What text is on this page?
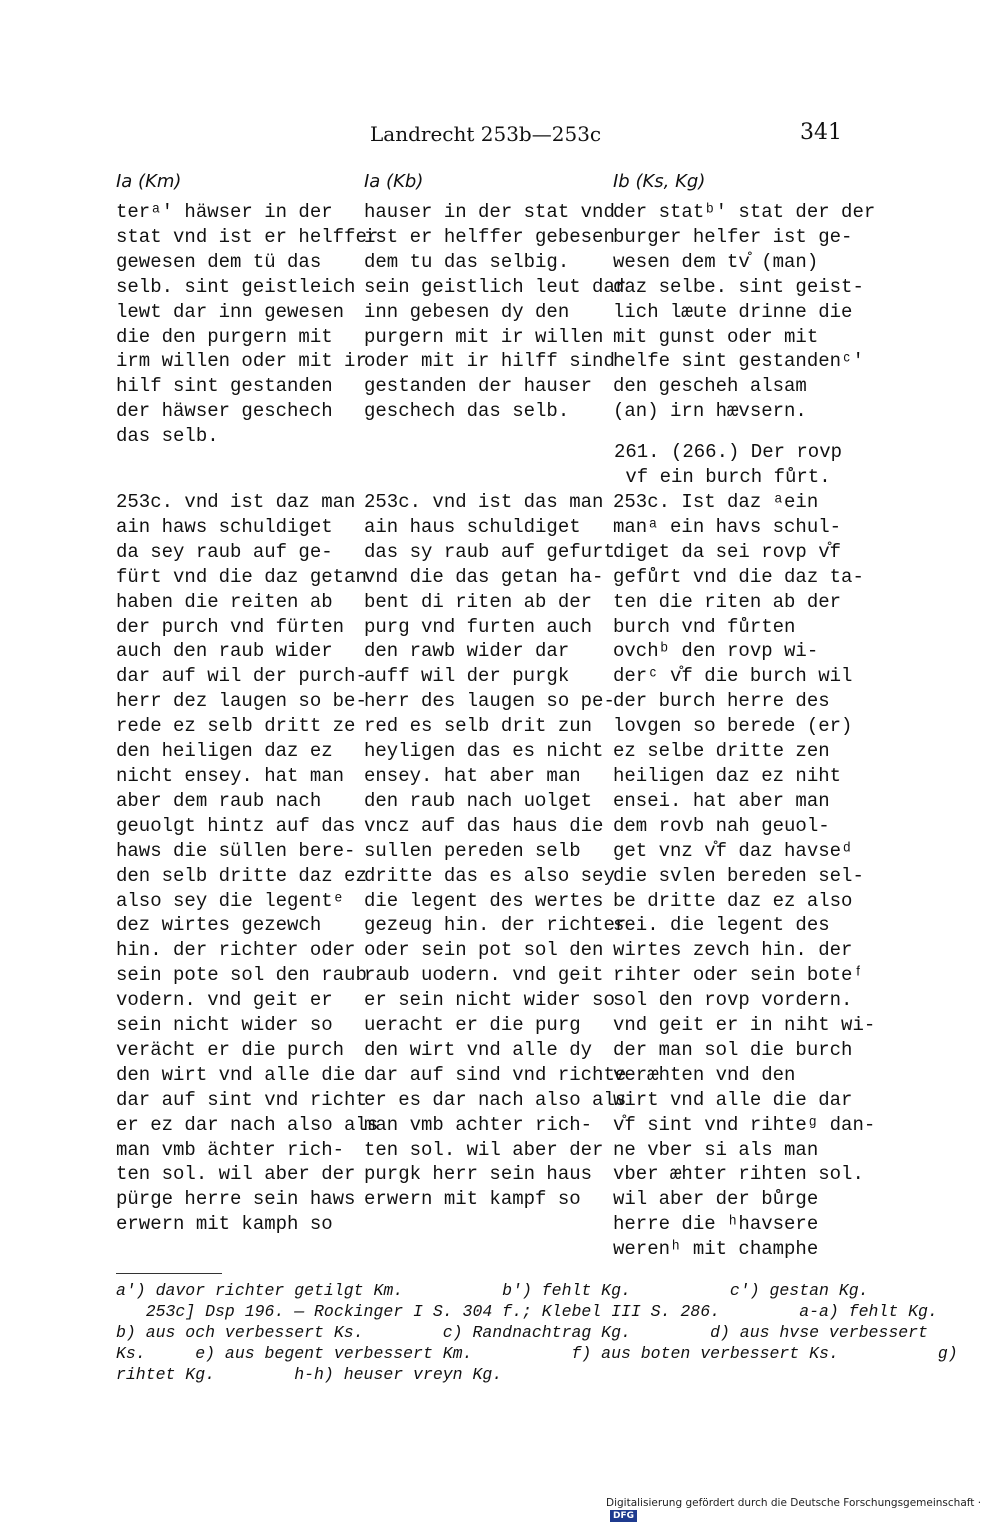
Landrecht 253b—253c	341
Ia (Km)
terᵃ' häwser in der
stat vnd ist er helffer
gewesen dem tü das
selb. sint geistleich
lewt dar inn gewesen
die den purgern mit
irm willen oder mit ir
hilf sint gestanden
der häwser geschech
das selb.
253c. vnd ist daz man
ain haws schuldiget
da sey raub auf ge-
fürt vnd die daz getan
haben die reiten ab
der purch vnd fürten
auch den raub wider
dar auf wil der purch-
herr dez laugen so be-
rede ez selb dritt ze
den heiligen daz ez
nicht ensey. hat man
aber dem raub nach
geuolgt hintz auf das
haws die süllen bere-
den selb dritte daz ez
also sey die legentᵉ
dez wirtes gezewch
hin. der richter oder
sein pote sol den raub
vodern. vnd geit er
sein nicht wider so
verächt er die purch
den wirt vnd alle die
dar auf sint vnd richt
er ez dar nach also als
man vmb ächter rich-
ten sol. wil aber der
pürge herre sein haws
erwern mit kamph so
Ia (Kb)
hauser in der stat vnd
ist er helffer gebesen
dem tu das selbig.
sein geistlich leut dar
inn gebesen dy den
purgern mit ir willen
oder mit ir hilff sind
gestanden der hauser
geschech das selb.
253c. vnd ist das man
ain haus schuldiget
das sy raub auf gefurt
vnd die das getan ha-
bent di riten ab der
purg vnd furten auch
den rawb wider dar
auff wil der purgk
herr des laugen so pe-
red es selb drit zun
heyligen das es nicht
ensey. hat aber man
den raub nach uolget
vncz auf das haus die
sullen pereden selb
dritte das es also sey
die legent des wertes
gezeug hin. der richter
oder sein pot sol den
raub uodern. vnd geit
er sein nicht wider so
ueracht er die purg
den wirt vnd alle dy
dar auf sind vnd richte
er es dar nach also als
man vmb achter rich-
ten sol. wil aber der
purgk herr sein haus
erwern mit kampf so
Ib (Ks, Kg)
der statᵇ' stat der der
burger helfer ist ge-
wesen dem tv̊ (man)
daz selbe. sint geist-
lich læute drinne die
mit gunst oder mit
helfe sint gestandenᶜ'
den gescheh alsam
(an) irn hævsern.
261. (266.) Der rovp
vf ein burch fůrt.
253c. Ist daz ᵃein
manᵃ ein havs schul-
diget da sei rovp v̊f
gefůrt vnd die daz ta-
ten die riten ab der
burch vnd fůrten
ovchᵇ den rovp wi-
derᶜ v̊f die burch wil
der burch herre des
lovgen so berede (er)
ez selbe dritte zen
heiligen daz ez niht
ensei. hat aber man
dem rovb nah geuol-
get vnz v̊f daz havseᵈ
die svlen bereden sel-
be dritte daz ez also
sei. die legent des
wirtes zevch hin. der
rihter oder sein boteᶠ
sol den rovp vordern.
vnd geit er in niht wi-
der man sol die burch
veræhten vnd den
wirt vnd alle die dar
v̊f sint vnd rihteᵍ dan-
ne vber si als man
vber æhter rihten sol.
wil aber der bůrge
herre die ʰhavsere
werenʰ mit champhe
a') davor richter getilgt Km.          b') fehlt Kg.          c') gestan Kg.
253c] Dsp 196. — Rockinger I S. 304 f.; Klebel III S. 286.        a-a) fehlt Kg.
b) aus och verbessert Ks.        c) Randnachtrag Kg.        d) aus hvse verbessert
Ks.     e) aus begent verbessert Km.          f) aus boten verbessert Ks.          g)
rihtet Kg.        h-h) heuser vreyn Kg.
Digitalisierung gefördert durch die Deutsche Forschungsgemeinschaft ·DFG
